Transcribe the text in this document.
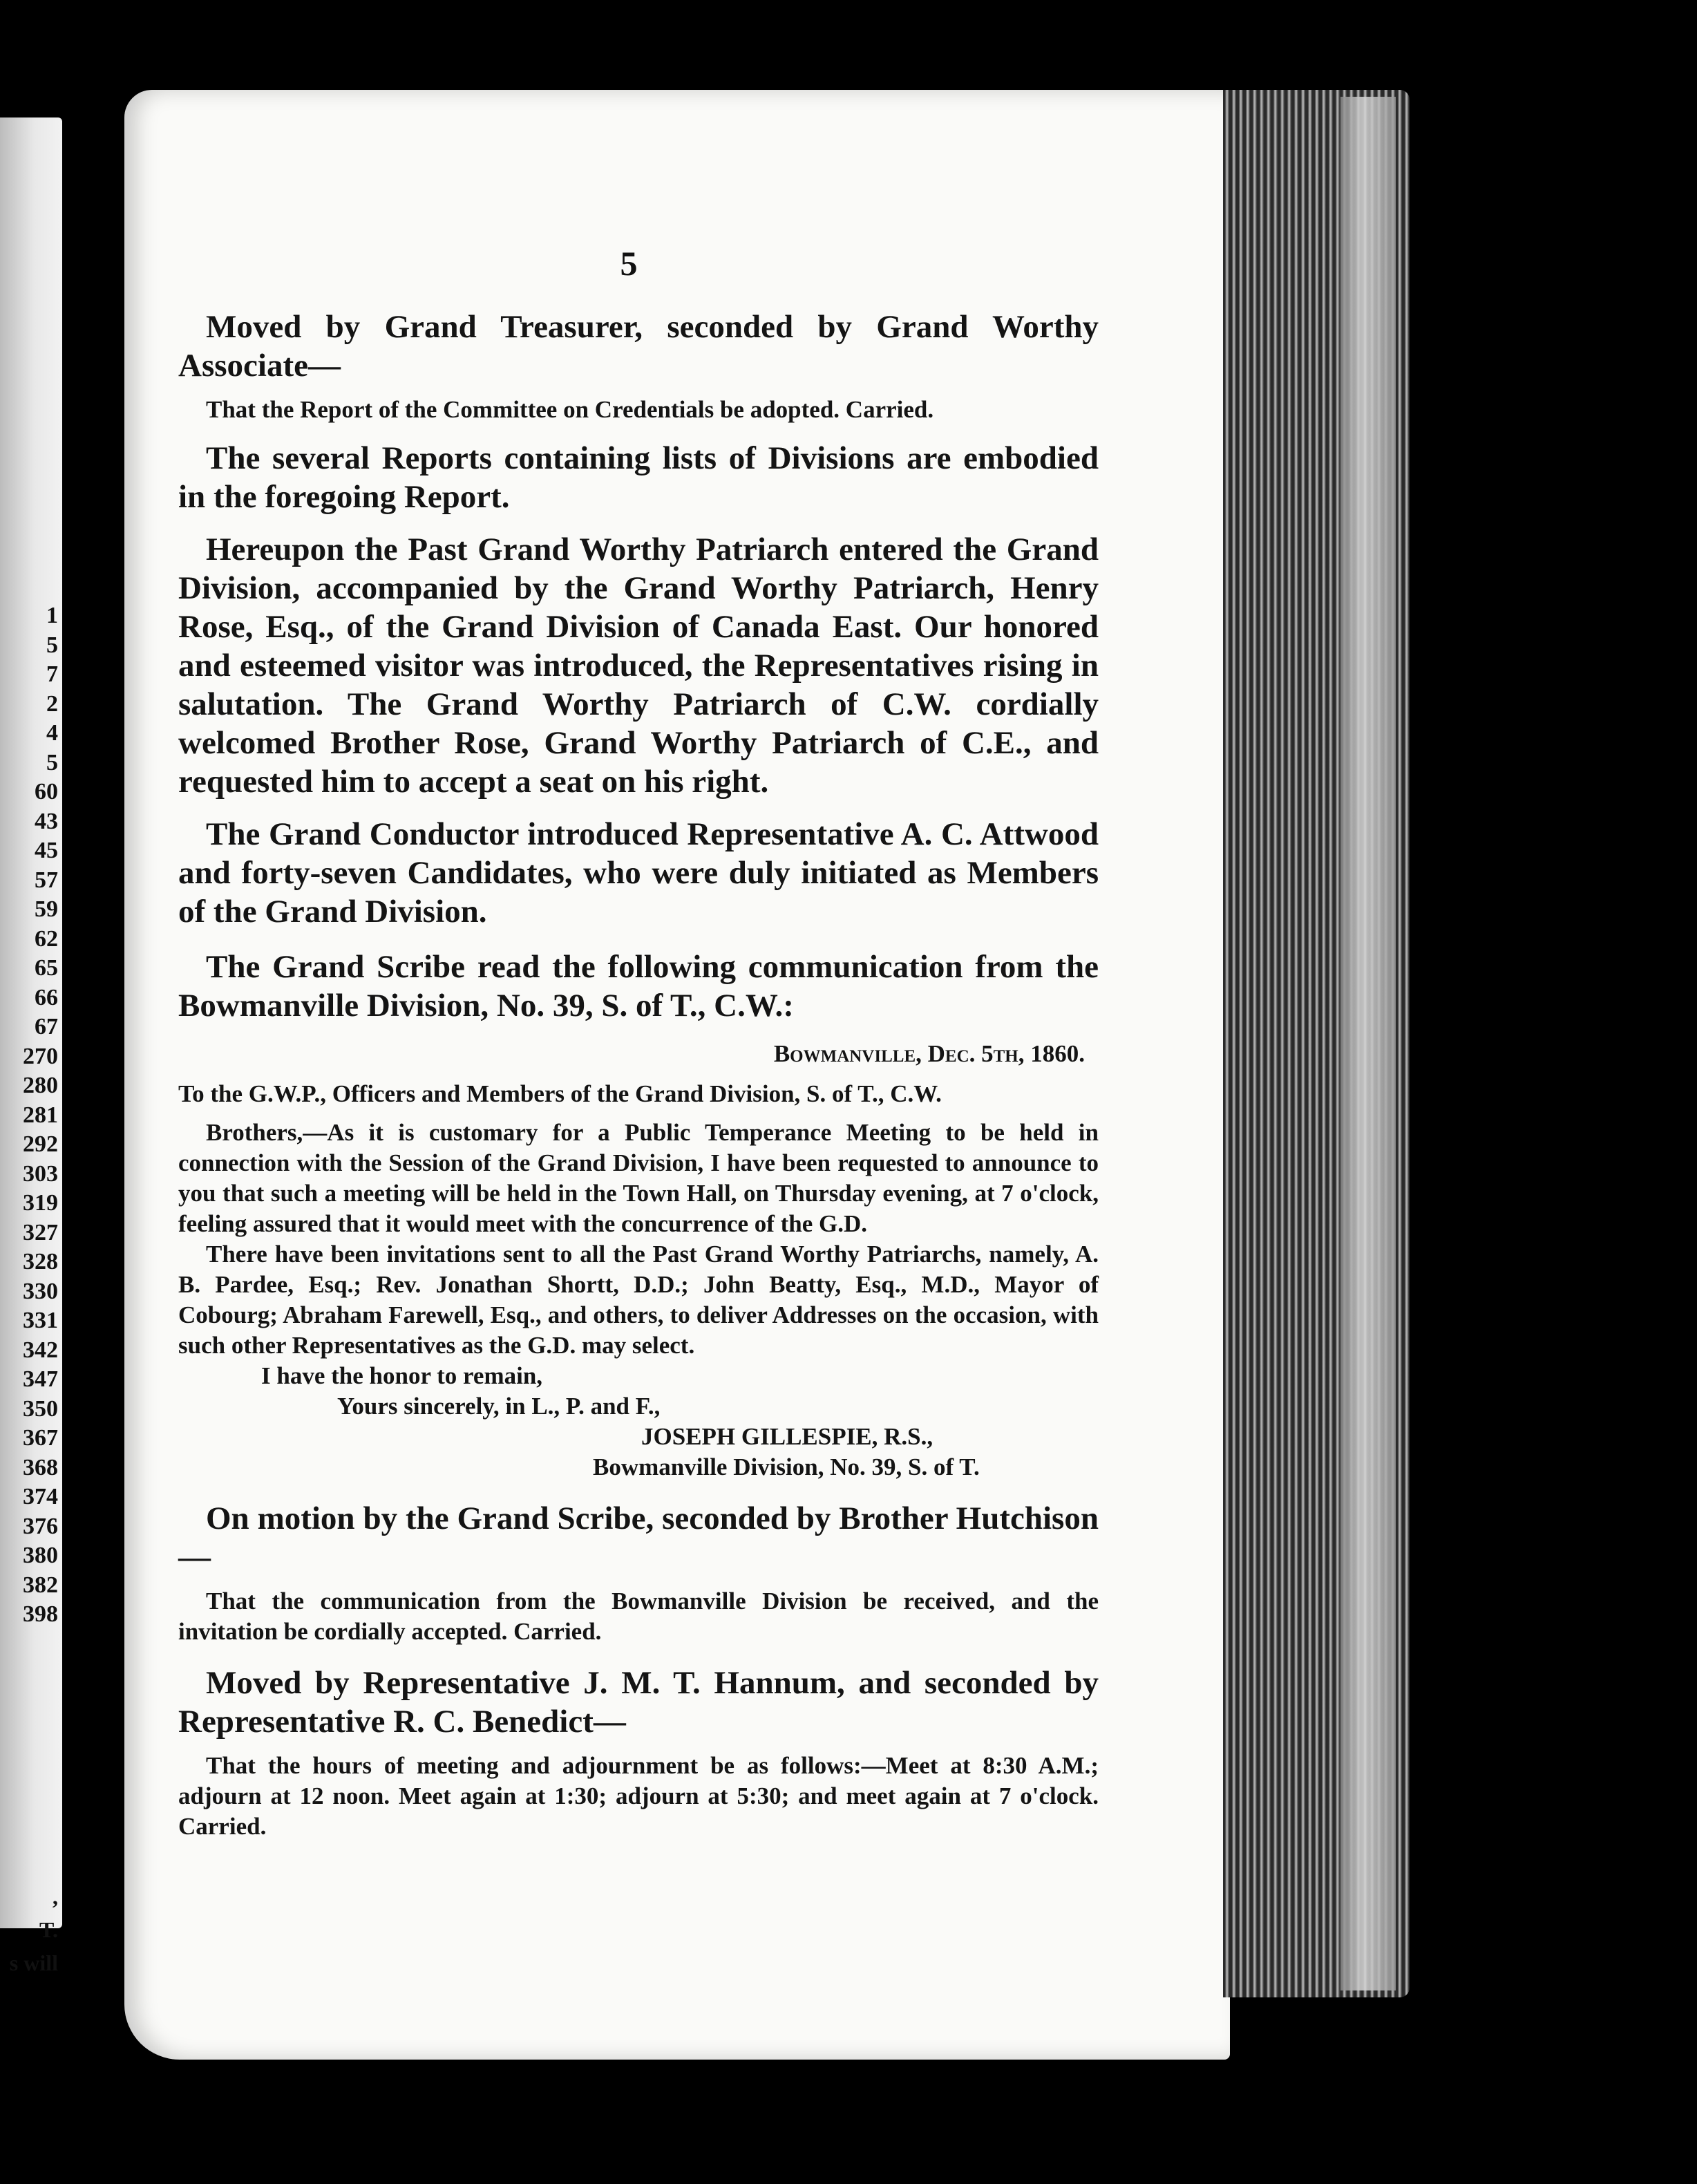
1
5
7
2
4
5
60
43
45
57
59
62
65
66
67
270
280
281
292
303
319
327
328
330
331
342
347
350
367
368
374
376
380
382
398
,
T.
s will
5

Moved by Grand Treasurer, seconded by Grand Worthy Associate—

That the Report of the Committee on Credentials be adopted. Carried.

The several Reports containing lists of Divisions are embodied in the foregoing Report.

Hereupon the Past Grand Worthy Patriarch entered the Grand Division, accompanied by the Grand Worthy Patriarch, Henry Rose, Esq., of the Grand Division of Canada East. Our honored and esteemed visitor was introduced, the Representatives rising in salutation. The Grand Worthy Patriarch of C.W. cordially welcomed Brother Rose, Grand Worthy Patriarch of C.E., and requested him to accept a seat on his right.

The Grand Conductor introduced Representative A. C. Attwood and forty-seven Candidates, who were duly initiated as Members of the Grand Division.

The Grand Scribe read the following communication from the Bowmanville Division, No. 39, S. of T., C.W.:

Bowmanville, Dec. 5th, 1860.

To the G.W.P., Officers and Members of the Grand Division, S. of T., C.W.

Brothers,—As it is customary for a Public Temperance Meeting to be held in connection with the Session of the Grand Division, I have been requested to announce to you that such a meeting will be held in the Town Hall, on Thursday evening, at 7 o'clock, feeling assured that it would meet with the concurrence of the G.D.

There have been invitations sent to all the Past Grand Worthy Patriarchs, namely, A. B. Pardee, Esq.; Rev. Jonathan Shortt, D.D.; John Beatty, Esq., M.D., Mayor of Cobourg; Abraham Farewell, Esq., and others, to deliver Addresses on the occasion, with such other Representatives as the G.D. may select.

I have the honor to remain,

Yours sincerely, in L., P. and F.,

JOSEPH GILLESPIE, R.S.,

Bowmanville Division, No. 39, S. of T.

On motion by the Grand Scribe, seconded by Brother Hutchison—

That the communication from the Bowmanville Division be received, and the invitation be cordially accepted. Carried.

Moved by Representative J. M. T. Hannum, and seconded by Representative R. C. Benedict—

That the hours of meeting and adjournment be as follows:—Meet at 8:30 A.M.; adjourn at 12 noon. Meet again at 1:30; adjourn at 5:30; and meet again at 7 o'clock. Carried.
